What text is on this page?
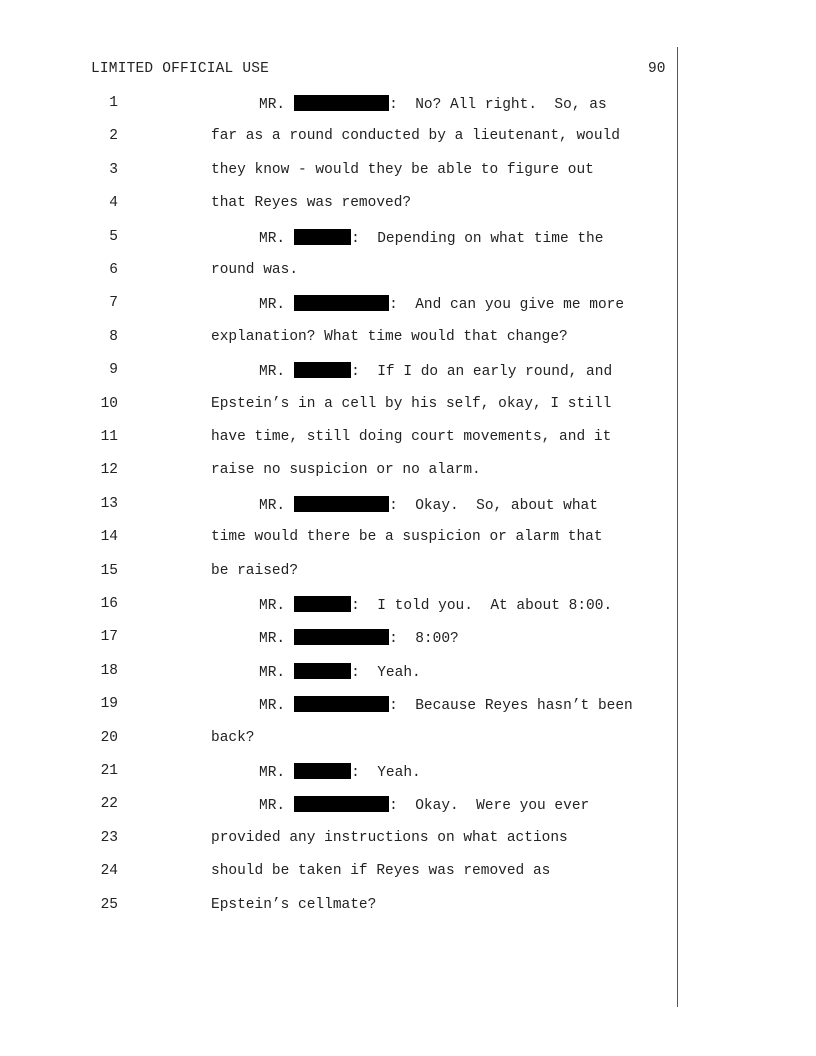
LIMITED OFFICIAL USE	90
1	MR.	:  No? All right.  So, as
2	far as a round conducted by a lieutenant, would
3	they know - would they be able to figure out
4	that Reyes was removed?
5	MR.	:  Depending on what time the
6	round was.
7	MR.	:  And can you give me more
8	explanation? What time would that change?
9	MR.	:  If I do an early round, and
10	Epstein’s in a cell by his self, okay, I still
11	have time, still doing court movements, and it
12	raise no suspicion or no alarm.
13	MR.	:  Okay.  So, about what
14	time would there be a suspicion or alarm that
15	be raised?
16	MR.	:  I told you.  At about 8:00.
17	MR.	:  8:00?
18	MR.	:  Yeah.
19	MR.	:  Because Reyes hasn’t been
20	back?
21	MR.	:  Yeah.
22	MR.	:  Okay.  Were you ever
23	provided any instructions on what actions
24	should be taken if Reyes was removed as
25	Epstein’s cellmate?
